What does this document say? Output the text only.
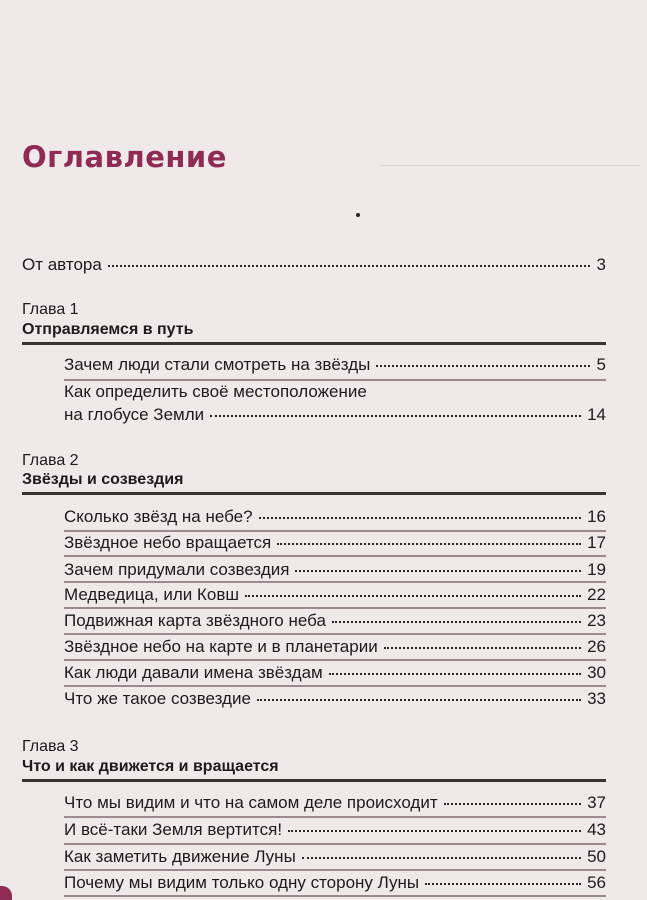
Оглавление
От автора	3
Глава 1
Отправляемся в путь
Зачем люди стали смотреть на звёзды	5
Как определить своё местоположение
на глобусе Земли	14
Глава 2
Звёзды и созвездия
Сколько звёзд на небе?	16
Звёздное небо вращается	17
Зачем придумали созвездия	19
Медведица, или Ковш	22
Подвижная карта звёздного неба	23
Звёздное небо на карте и в планетарии	26
Как люди давали имена звёздам	30
Что же такое созвездие	33
Глава 3
Что и как движется и вращается
Что мы видим и что на самом деле происходит	37
И всё-таки Земля вертится!	43
Как заметить движение Луны	50
Почему мы видим только одну сторону Луны	56
